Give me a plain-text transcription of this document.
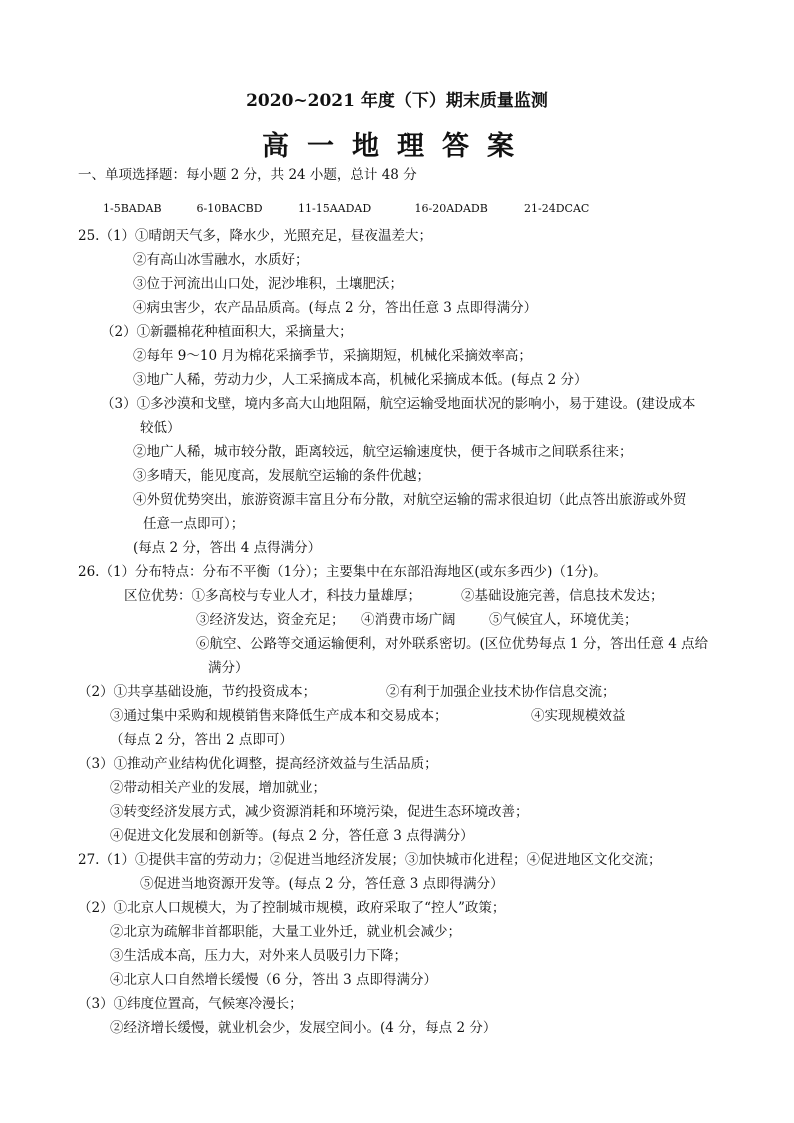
2020~2021 年度（下）期末质量监测
高一地理答案
一、单项选择题：每小题 2 分，共 24 小题，总计 48 分
1-5BADAB	6-10BACBD	11-15AADAD	16-20ADADB	21-24DCAC
25.（1）①晴朗天气多，降水少，光照充足，昼夜温差大；
②有高山冰雪融水，水质好；
③位于河流出山口处，泥沙堆积，土壤肥沃；
④病虫害少，农产品品质高。(每点 2 分，答出任意 3 点即得满分）
（2）①新疆棉花种植面积大，采摘量大；
②每年 9～10 月为棉花采摘季节，采摘期短，机械化采摘效率高；
③地广人稀，劳动力少，人工采摘成本高，机械化采摘成本低。(每点 2 分）
（3）①多沙漠和戈壁，境内多高大山地阻隔，航空运输受地面状况的影响小，易于建设。(建设成本
较低）
②地广人稀，城市较分散，距离较远，航空运输速度快，便于各城市之间联系往来；
③多晴天，能见度高，发展航空运输的条件优越；
④外贸优势突出，旅游资源丰富且分布分散，对航空运输的需求很迫切（此点答出旅游或外贸
任意一点即可）；
(每点 2 分，答出 4 点得满分）
26.（1）分布特点：分布不平衡（1分）；主要集中在东部沿海地区(或东多西少)（1分)。
区位优势：①多高校与专业人才，科技力量雄厚；	②基础设施完善，信息技术发达；
③经济发达，资金充足； ④消费市场广阔 ⑤气候宜人，环境优美；
⑥航空、公路等交通运输便利，对外联系密切。(区位优势每点 1 分，答出任意 4 点给
满分）
（2）①共享基础设施，节约投资成本；	②有利于加强企业技术协作信息交流；
③通过集中采购和规模销售来降低生产成本和交易成本；	④实现规模效益
（每点 2 分，答出 2 点即可）
（3）①推动产业结构优化调整，提高经济效益与生活品质；
②带动相关产业的发展，增加就业；
③转变经济发展方式，减少资源消耗和环境污染，促进生态环境改善；
④促进文化发展和创新等。(每点 2 分，答任意 3 点得满分）
27.（1）①提供丰富的劳动力；②促进当地经济发展；③加快城市化进程；④促进地区文化交流；
⑤促进当地资源开发等。(每点 2 分，答任意 3 点即得满分）
（2）①北京人口规模大，为了控制城市规模，政府采取了“控人”政策；
②北京为疏解非首都职能，大量工业外迁，就业机会减少；
③生活成本高，压力大，对外来人员吸引力下降；
④北京人口自然增长缓慢（6 分，答出 3 点即得满分）
（3）①纬度位置高，气候寒冷漫长；
②经济增长缓慢，就业机会少，发展空间小。(4 分，每点 2 分）
